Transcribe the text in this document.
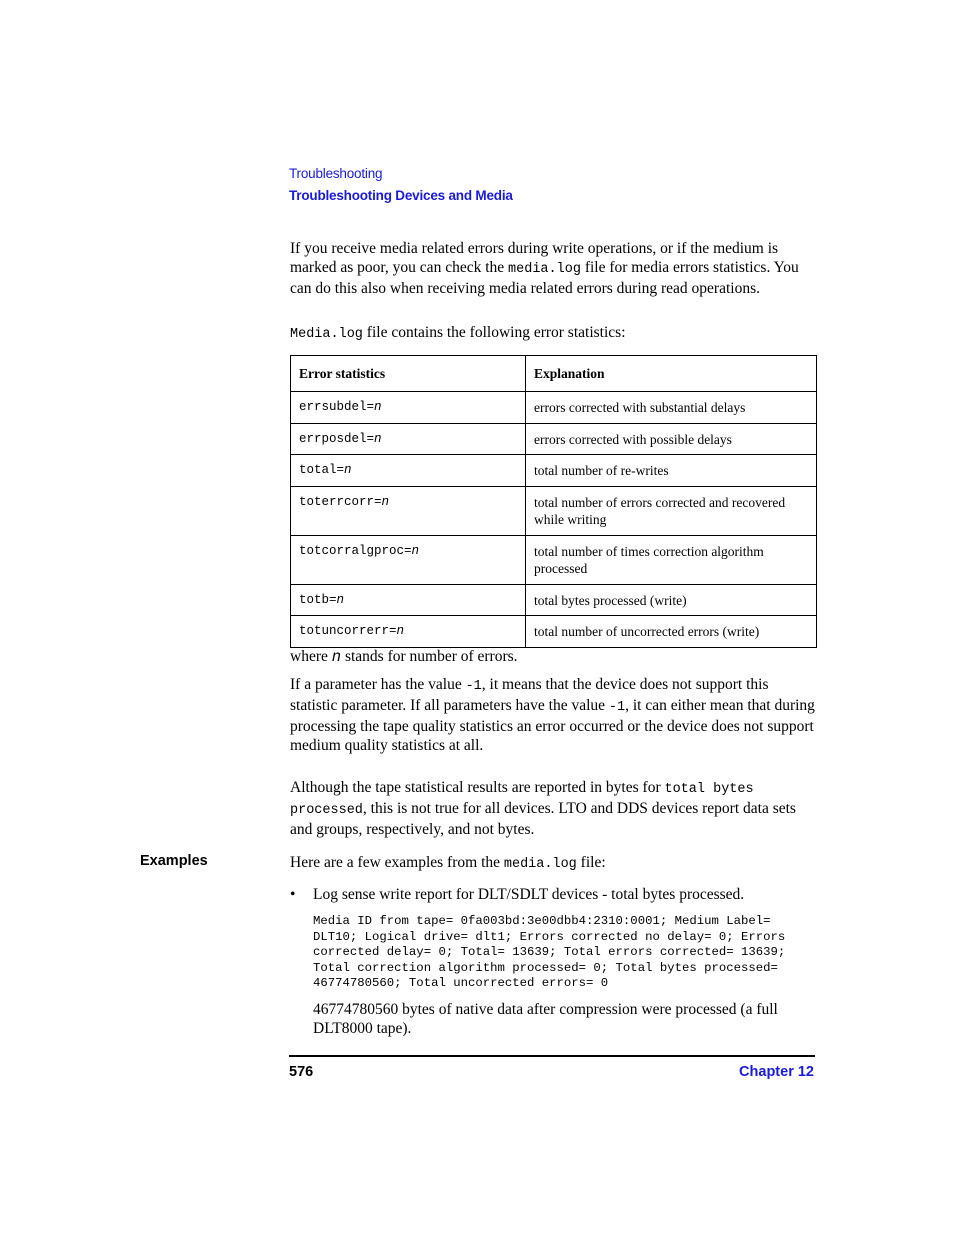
Troubleshooting
Troubleshooting Devices and Media

If you receive media related errors during write operations, or if the medium is marked as poor, you can check the media.log file for media errors statistics. You can do this also when receiving media related errors during read operations.

Media.log file contains the following error statistics:
Error statistics	Explanation
errsubdel=n	errors corrected with substantial delays
errposdel=n	errors corrected with possible delays
total=n	total number of re-writes
toterrcorr=n	total number of errors corrected and recovered while writing
totcorralgproc=n	total number of times correction algorithm processed
totb=n	total bytes processed (write)
totuncorrerr=n	total number of uncorrected errors (write)
where n stands for number of errors.
If a parameter has the value -1, it means that the device does not support this statistic parameter. If all parameters have the value -1, it can either mean that during processing the tape quality statistics an error occurred or the device does not support medium quality statistics at all.
Although the tape statistical results are reported in bytes for total bytes processed, this is not true for all devices. LTO and DDS devices report data sets and groups, respectively, and not bytes.
Examples	Here are a few examples from the media.log file:
• Log sense write report for DLT/SDLT devices - total bytes processed.
Media ID from tape= 0fa003bd:3e00dbb4:2310:0001; Medium Label=
DLT10; Logical drive= dlt1; Errors corrected no delay= 0; Errors
corrected delay= 0; Total= 13639; Total errors corrected= 13639;
Total correction algorithm processed= 0; Total bytes processed=
46774780560; Total uncorrected errors= 0
46774780560 bytes of native data after compression were processed (a full DLT8000 tape).
576	Chapter 12
